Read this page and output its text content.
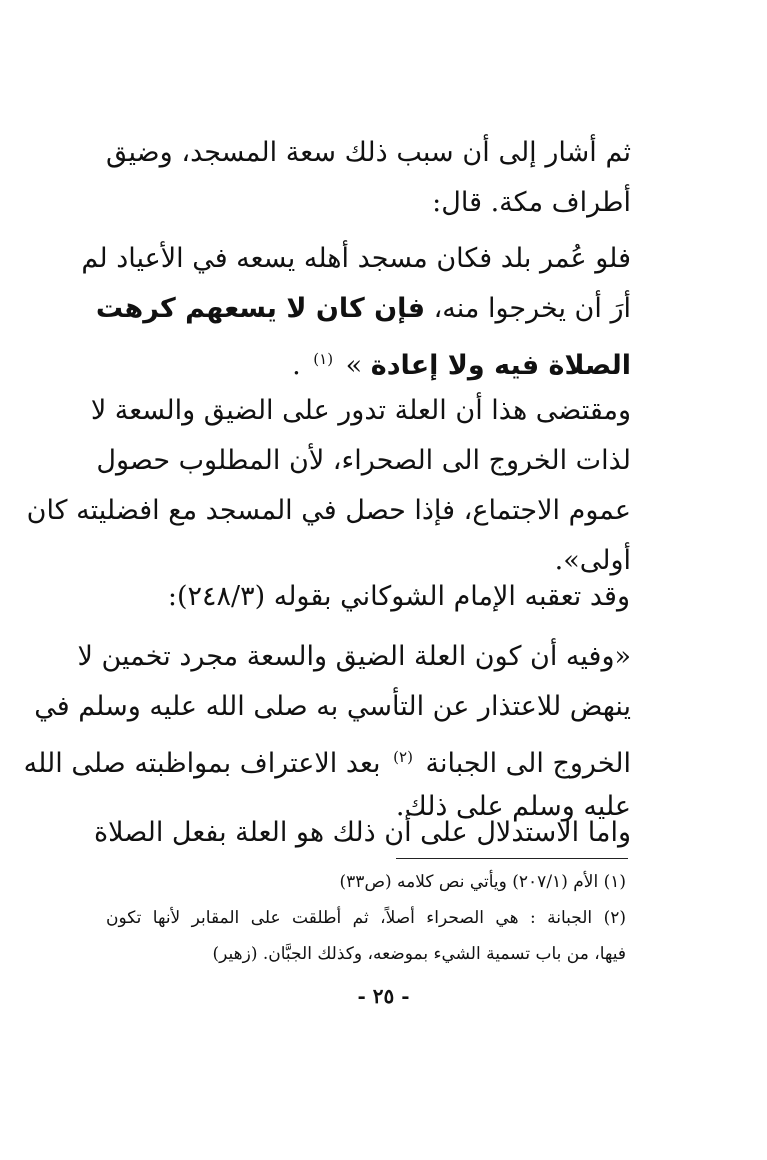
ثم أشار إلى أن سبب ذلك سعة المسجد، وضيق
أطراف مكة. قال:
فلو عُمر بلد فكان مسجد أهله يسعه في الأعياد لم
أرَ أن يخرجوا منه، فإن كان لا يسعهم كرهت
الصلاة فيه ولا إعادة » $^{(١)}$ .
ومقتضى هذا أن العلة تدور على الضيق والسعة لا
لذات الخروج الى الصحراء، لأن المطلوب حصول
عموم الاجتماع، فإذا حصل في المسجد مع افضليته كان
أولى».
وقد تعقبه الإمام الشوكاني بقوله (٢٤٨/٣):
«وفيه أن كون العلة الضيق والسعة مجرد تخمين لا
ينهض للاعتذار عن التأسي به صلى الله عليه وسلم في
الخروج الى الجبانة $^{(٢)}$ بعد الاعتراف بمواظبته صلى الله
عليه وسلم على ذلك.
واما الاستدلال على أن ذلك هو العلة بفعل الصلاة
(١) الأم (٢٠٧/١) ويأتي نص كلامه (ص٣٣)
(٢) الجبانة : هي الصحراء أصلاً، ثم أطلقت على المقابر لأنها تكون
فيها، من باب تسمية الشيء بموضعه، وكذلك الجبَّان. (زهير)
- ٢٥ -
